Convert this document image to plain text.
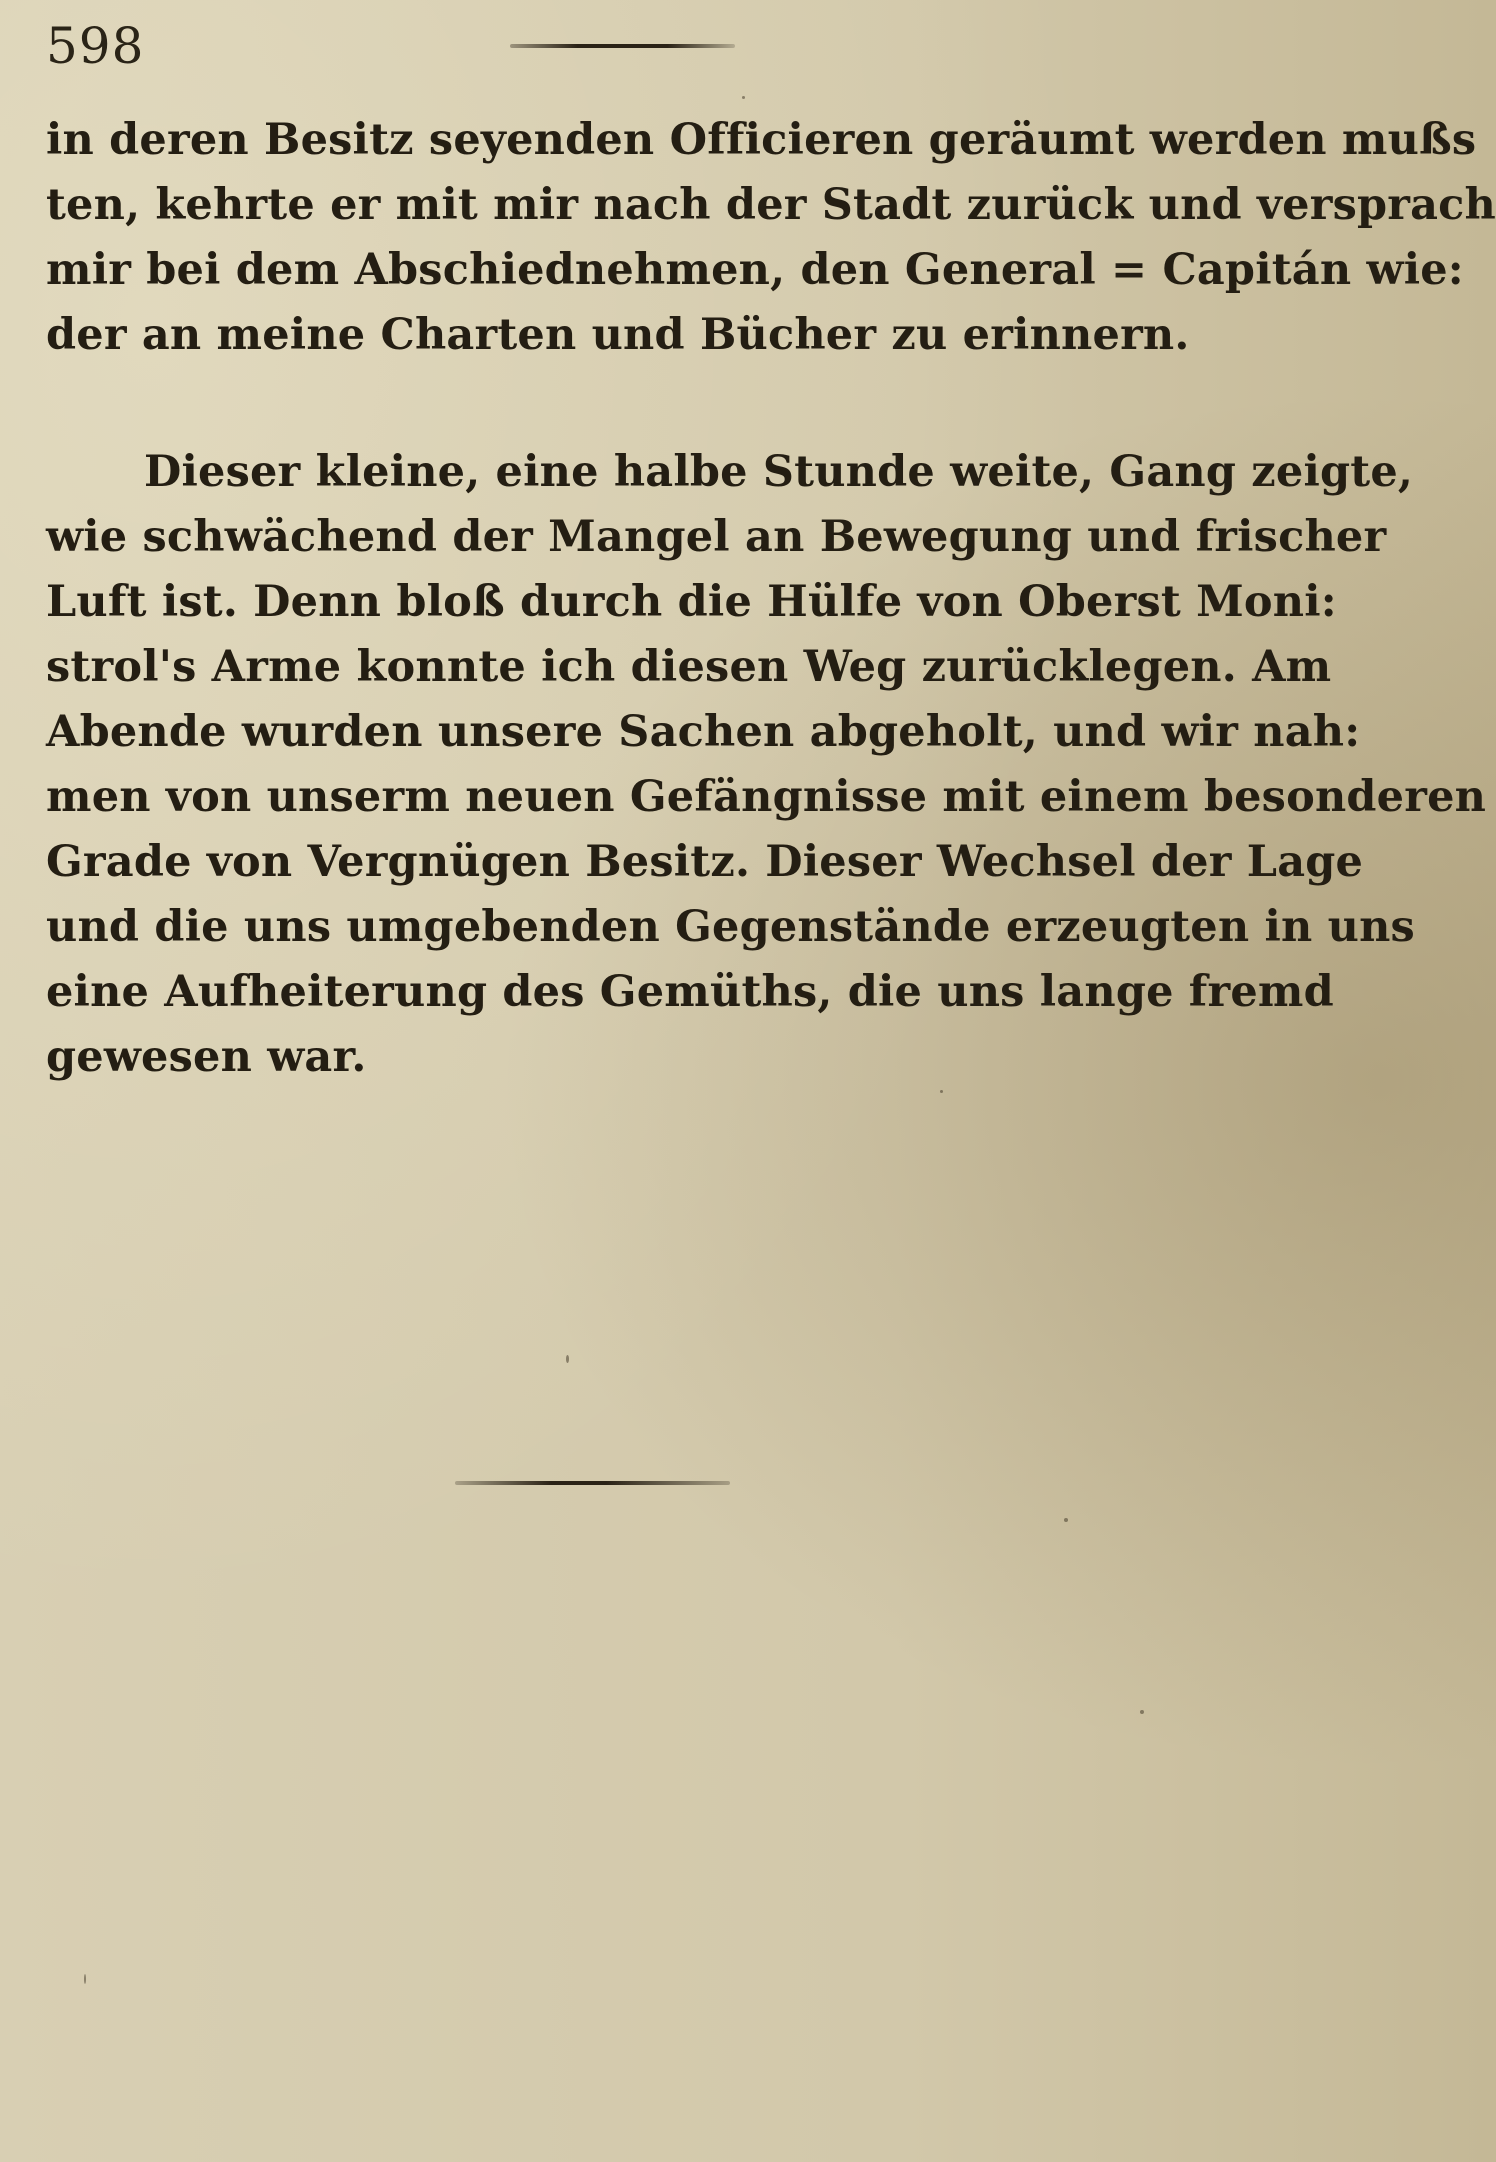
598
in deren Besitz seyenden Officieren geräumt werden mußs
ten, kehrte er mit mir nach der Stadt zurück und versprach
mir bei dem Abschiednehmen, den General = Capitán wie:
der an meine Charten und Bücher zu erinnern.
Dieser kleine, eine halbe Stunde weite, Gang zeigte,
wie schwächend der Mangel an Bewegung und frischer
Luft ist. Denn bloß durch die Hülfe von Oberst Moni:
strol's Arme konnte ich diesen Weg zurücklegen. Am
Abende wurden unsere Sachen abgeholt, und wir nah:
men von unserm neuen Gefängnisse mit einem besonderen
Grade von Vergnügen Besitz. Dieser Wechsel der Lage
und die uns umgebenden Gegenstände erzeugten in uns
eine Aufheiterung des Gemüths, die uns lange fremd
gewesen war.
